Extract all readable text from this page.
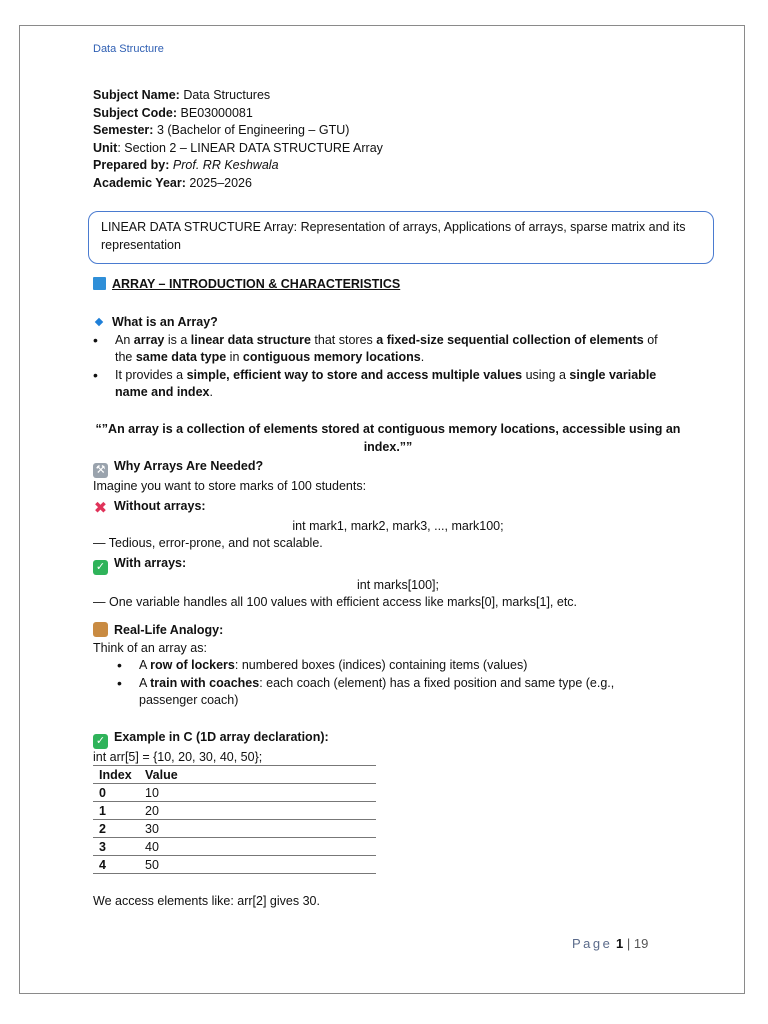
Data Structure
Subject Name: Data Structures
Subject Code: BE03000081
Semester: 3 (Bachelor of Engineering – GTU)
Unit: Section 2 – LINEAR DATA STRUCTURE Array
Prepared by: Prof. RR Keshwala
Academic Year: 2025–2026
LINEAR DATA STRUCTURE Array: Representation of arrays, Applications of arrays, sparse matrix and its representation
ARRAY – INTRODUCTION & CHARACTERISTICS
What is an Array?
• An array is a linear data structure that stores a fixed-size sequential collection of elements of the same data type in contiguous memory locations.
• It provides a simple, efficient way to store and access multiple values using a single variable name and index.
“”An array is a collection of elements stored at contiguous memory locations, accessible using an index.””
⚒ Why Arrays Are Needed?
Imagine you want to store marks of 100 students:
✖ Without arrays:
int mark1, mark2, mark3, ..., mark100;
— Tedious, error-prone, and not scalable.
✓ With arrays:
int marks[100];
— One variable handles all 100 values with efficient access like marks[0], marks[1], etc.
Real-Life Analogy:
Think of an array as:
• A row of lockers: numbered boxes (indices) containing items (values)
• A train with coaches: each coach (element) has a fixed position and same type (e.g., passenger coach)
✓ Example in C (1D array declaration):
int arr[5] = {10, 20, 30, 40, 50};
Index	Value
0	10
1	20
2	30
3	40
4	50
We access elements like: arr[2] gives 30.
Page 1 | 19
